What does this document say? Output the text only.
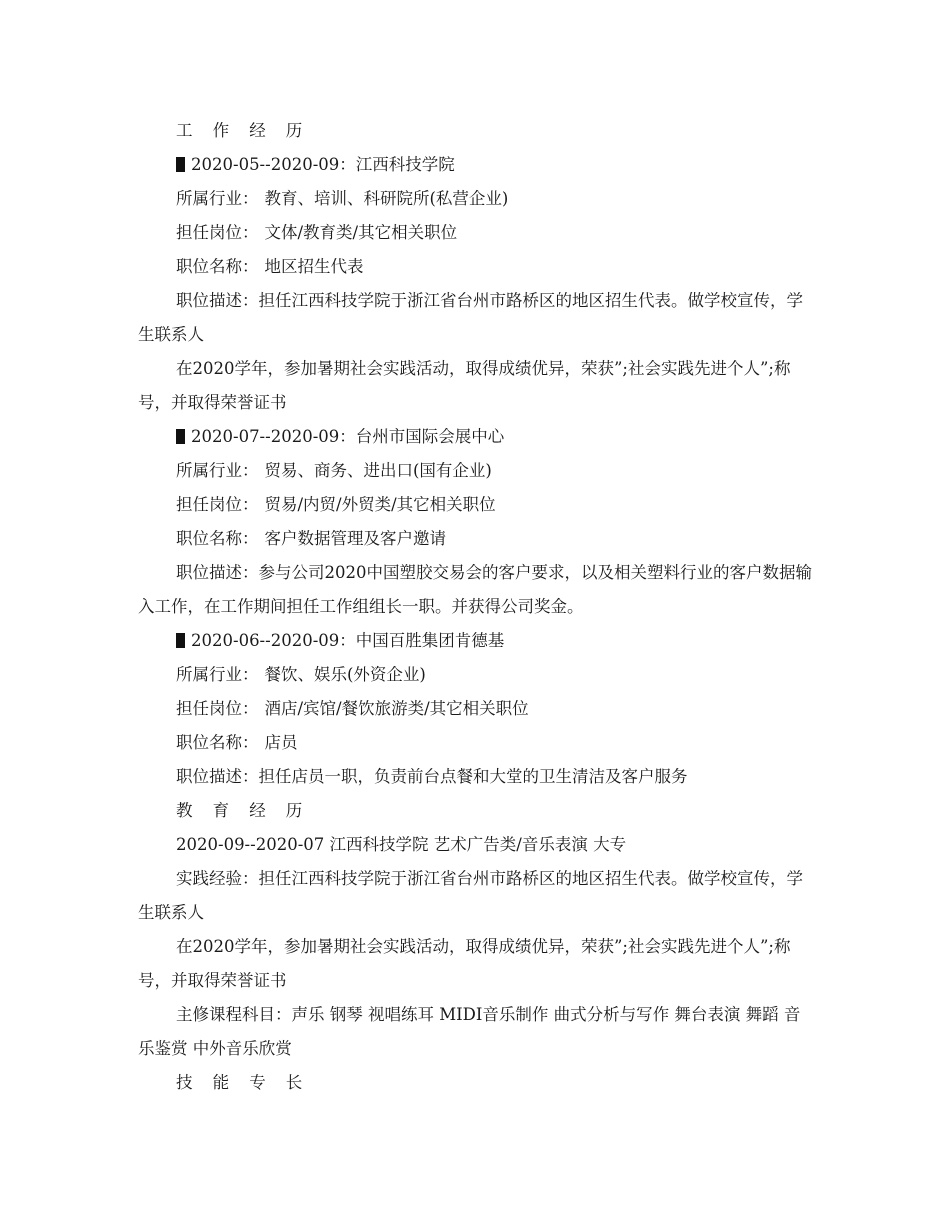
工 作 经 历

2020-05--2020-09：江西科技学院

所属行业： 教育、培训、科研院所(私营企业)

担任岗位： 文体/教育类/其它相关职位

职位名称： 地区招生代表

职位描述：担任江西科技学院于浙江省台州市路桥区的地区招生代表。做学校宣传，学生联系人

在2020学年，参加暑期社会实践活动，取得成绩优异，荣获”;社会实践先进个人”;称号，并取得荣誉证书

2020-07--2020-09：台州市国际会展中心

所属行业： 贸易、商务、进出口(国有企业)

担任岗位： 贸易/内贸/外贸类/其它相关职位

职位名称： 客户数据管理及客户邀请

职位描述：参与公司2020中国塑胶交易会的客户要求，以及相关塑料行业的客户数据输入工作，在工作期间担任工作组组长一职。并获得公司奖金。

2020-06--2020-09：中国百胜集团肯德基

所属行业： 餐饮、娱乐(外资企业)

担任岗位： 酒店/宾馆/餐饮旅游类/其它相关职位

职位名称： 店员

职位描述：担任店员一职，负责前台点餐和大堂的卫生清洁及客户服务

教 育 经 历

2020-09--2020-07 江西科技学院 艺术广告类/音乐表演 大专

实践经验：担任江西科技学院于浙江省台州市路桥区的地区招生代表。做学校宣传，学生联系人

在2020学年，参加暑期社会实践活动，取得成绩优异，荣获”;社会实践先进个人”;称号，并取得荣誉证书

主修课程科目：声乐 钢琴 视唱练耳 MIDI音乐制作 曲式分析与写作 舞台表演 舞蹈 音乐鉴赏 中外音乐欣赏

技 能 专 长
